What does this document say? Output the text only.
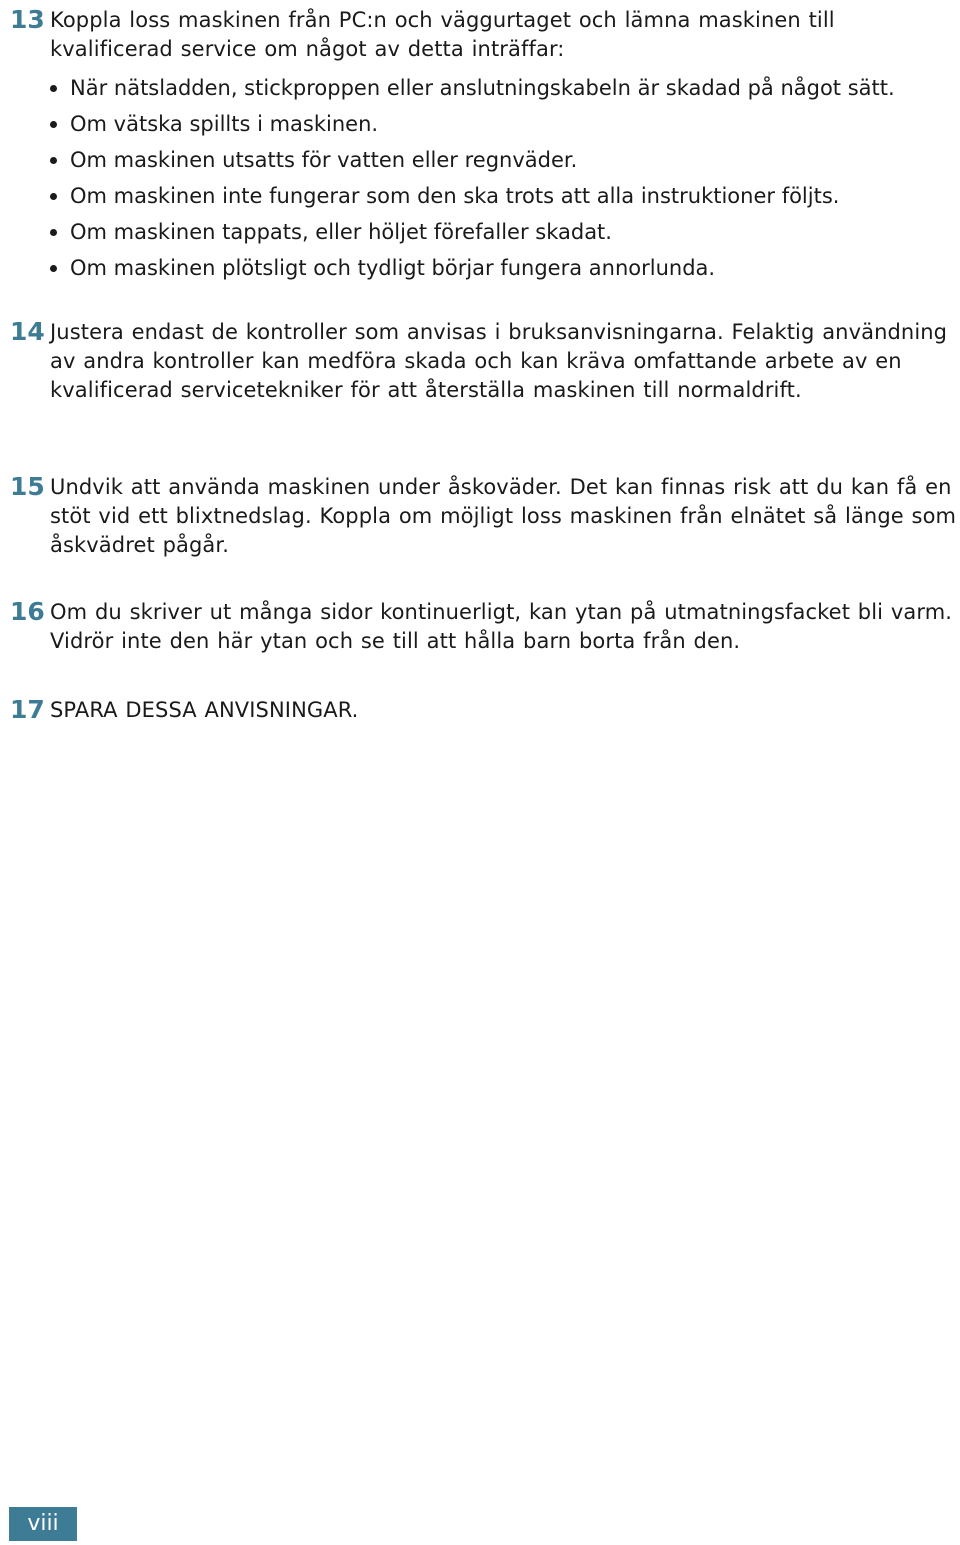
13 Koppla loss maskinen från PC:n och väggurtaget och lämna maskinen till kvalificerad service om något av detta inträffar:
När nätsladden, stickproppen eller anslutningskabeln är skadad på något sätt.
Om vätska spillts i maskinen.
Om maskinen utsatts för vatten eller regnväder.
Om maskinen inte fungerar som den ska trots att alla instruktioner följts.
Om maskinen tappats, eller höljet förefaller skadat.
Om maskinen plötsligt och tydligt börjar fungera annorlunda.
14 Justera endast de kontroller som anvisas i bruksanvisningarna. Felaktig användning av andra kontroller kan medföra skada och kan kräva omfattande arbete av en kvalificerad servicetekniker för att återställa maskinen till normaldrift.
15 Undvik att använda maskinen under åskoväder. Det kan finnas risk att du kan få en stöt vid ett blixtnedslag. Koppla om möjligt loss maskinen från elnätet så länge som åskvädret pågår.
16 Om du skriver ut många sidor kontinuerligt, kan ytan på utmatningsfacket bli varm. Vidrör inte den här ytan och se till att hålla barn borta från den.
17 SPARA DESSA ANVISNINGAR.
viii
